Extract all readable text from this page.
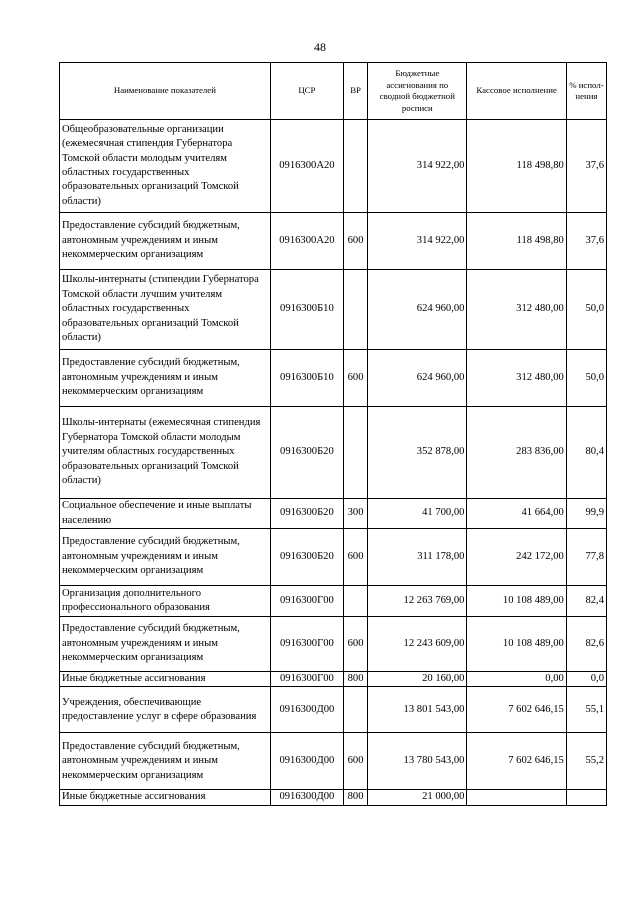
48
Наименование показателей	ЦСР	ВР	Бюджетные ассигнования по сводной бюджетной росписи	Кассовое исполнение	% испол-нения
Общеобразовательные организации (ежемесячная стипендия Губернатора Томской области молодым учителям областных государственных образовательных организаций Томской области)	0916300А20		314 922,00	118 498,80	37,6
Предоставление субсидий бюджетным, автономным учреждениям и иным некоммерческим организациям	0916300А20	600	314 922,00	118 498,80	37,6
Школы-интернаты (стипендии Губернатора Томской области лучшим учителям областных государственных образовательных организаций Томской области)	0916300Б10		624 960,00	312 480,00	50,0
Предоставление субсидий бюджетным, автономным учреждениям и иным некоммерческим организациям	0916300Б10	600	624 960,00	312 480,00	50,0
Школы-интернаты (ежемесячная стипендия Губернатора Томской области молодым учителям областных государственных образовательных организаций Томской области)	0916300Б20		352 878,00	283 836,00	80,4
Социальное обеспечение и иные выплаты населению	0916300Б20	300	41 700,00	41 664,00	99,9
Предоставление субсидий бюджетным, автономным учреждениям и иным некоммерческим организациям	0916300Б20	600	311 178,00	242 172,00	77,8
Организация дополнительного профессионального образования	0916300Г00		12 263 769,00	10 108 489,00	82,4
Предоставление субсидий бюджетным, автономным учреждениям и иным некоммерческим организациям	0916300Г00	600	12 243 609,00	10 108 489,00	82,6
Иные бюджетные ассигнования	0916300Г00	800	20 160,00	0,00	0,0
Учреждения, обеспечивающие предоставление услуг в сфере образования	0916300Д00		13 801 543,00	7 602 646,15	55,1
Предоставление субсидий бюджетным, автономным учреждениям и иным некоммерческим организациям	0916300Д00	600	13 780 543,00	7 602 646,15	55,2
Иные бюджетные ассигнования	0916300Д00	800	21 000,00		
